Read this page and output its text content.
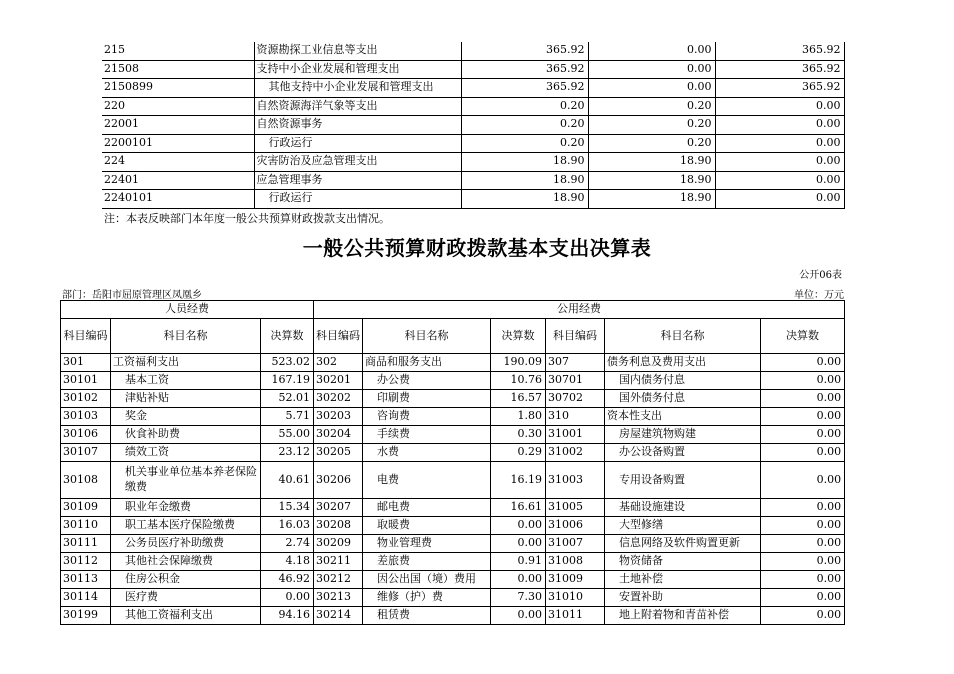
215	资源勘探工业信息等支出	365.92	0.00	365.92
21508	支持中小企业发展和管理支出	365.92	0.00	365.92
2150899	其他支持中小企业发展和管理支出	365.92	0.00	365.92
220	自然资源海洋气象等支出	0.20	0.20	0.00
22001	自然资源事务	0.20	0.20	0.00
2200101	行政运行	0.20	0.20	0.00
224	灾害防治及应急管理支出	18.90	18.90	0.00
22401	应急管理事务	18.90	18.90	0.00
2240101	行政运行	18.90	18.90	0.00
注：本表反映部门本年度一般公共预算财政拨款支出情况。
一般公共预算财政拨款基本支出决算表
公开06表
部门：岳阳市屈原管理区凤凰乡	单位：万元
人员经费			公用经费					
科目编码	科目名称	决算数	科目编码	科目名称	决算数	科目编码	科目名称	决算数
301	工资福利支出	523.02	302	商品和服务支出	190.09	307	债务利息及费用支出	0.00
30101	基本工资	167.19	30201	办公费	10.76	30701	国内债务付息	0.00
30102	津贴补贴	52.01	30202	印刷费	16.57	30702	国外债务付息	0.00
30103	奖金	5.71	30203	咨询费	1.80	310	资本性支出	0.00
30106	伙食补助费	55.00	30204	手续费	0.30	31001	房屋建筑物购建	0.00
30107	绩效工资	23.12	30205	水费	0.29	31002	办公设备购置	0.00
30108	机关事业单位基本养老保险缴费	40.61	30206	电费	16.19	31003	专用设备购置	0.00
30109	职业年金缴费	15.34	30207	邮电费	16.61	31005	基础设施建设	0.00
30110	职工基本医疗保险缴费	16.03	30208	取暖费	0.00	31006	大型修缮	0.00
30111	公务员医疗补助缴费	2.74	30209	物业管理费	0.00	31007	信息网络及软件购置更新	0.00
30112	其他社会保障缴费	4.18	30211	差旅费	0.91	31008	物资储备	0.00
30113	住房公积金	46.92	30212	因公出国（境）费用	0.00	31009	土地补偿	0.00
30114	医疗费	0.00	30213	维修（护）费	7.30	31010	安置补助	0.00
30199	其他工资福利支出	94.16	30214	租赁费	0.00	31011	地上附着物和青苗补偿	0.00
